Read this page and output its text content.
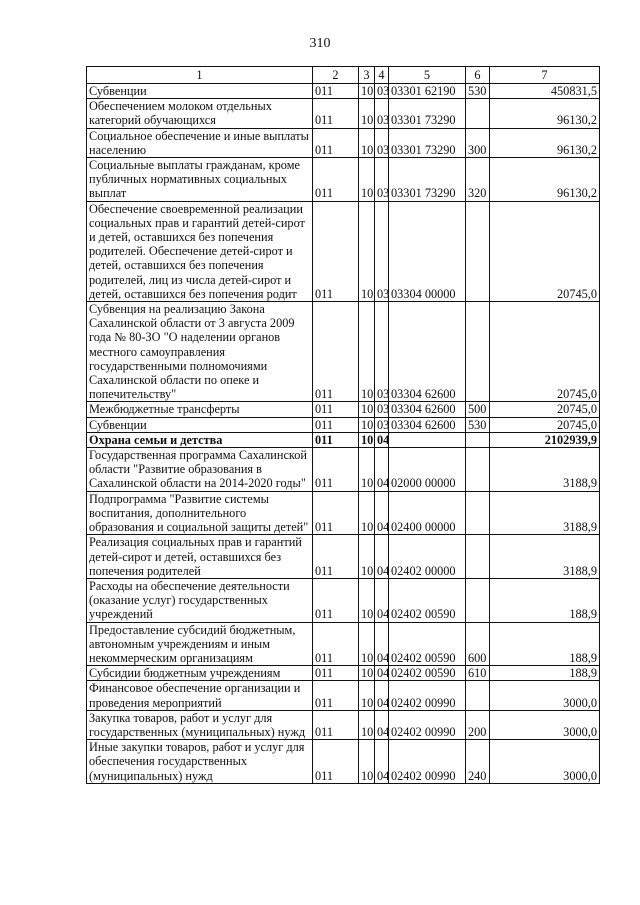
310
1	2	3	4	5	6	7
Субвенции	011	10	03	03301 62190	530	450831,5
Обеспечением молоком отдельных категорий обучающихся	011	10	03	03301 73290		96130,2
Социальное обеспечение и иные выплаты населению	011	10	03	03301 73290	300	96130,2
Социальные выплаты гражданам, кроме публичных нормативных социальных выплат	011	10	03	03301 73290	320	96130,2
Обеспечение своевременной реализации социальных прав и гарантий детей-сирот и детей, оставшихся без попечения родителей. Обеспечение детей-сирот и детей, оставшихся без попечения родителей, лиц из числа детей-сирот и детей, оставшихся без попечения родит	011	10	03	03304 00000		20745,0
Субвенция на реализацию Закона Сахалинской области от 3 августа 2009 года № 80-ЗО "О наделении органов местного самоуправления государственными полномочиями Сахалинской области по опеке и попечительству"	011	10	03	03304 62600		20745,0
Межбюджетные трансферты	011	10	03	03304 62600	500	20745,0
Субвенции	011	10	03	03304 62600	530	20745,0
Охрана семьи и детства	011	10	04			2102939,9
Государственная программа Сахалинской области "Развитие образования в Сахалинской области на 2014-2020 годы"	011	10	04	02000 00000		3188,9
Подпрограмма "Развитие системы воспитания, дополнительного образования и социальной защиты детей"	011	10	04	02400 00000		3188,9
Реализация социальных прав и гарантий детей-сирот и детей, оставшихся без попечения родителей	011	10	04	02402 00000		3188,9
Расходы на обеспечение деятельности (оказание услуг) государственных учреждений	011	10	04	02402 00590		188,9
Предоставление субсидий бюджетным, автономным учреждениям и иным некоммерческим организациям	011	10	04	02402 00590	600	188,9
Субсидии бюджетным учреждениям	011	10	04	02402 00590	610	188,9
Финансовое обеспечение организации и проведения мероприятий	011	10	04	02402 00990		3000,0
Закупка товаров, работ и услуг для государственных (муниципальных) нужд	011	10	04	02402 00990	200	3000,0
Иные закупки товаров, работ и услуг для обеспечения государственных (муниципальных) нужд	011	10	04	02402 00990	240	3000,0
